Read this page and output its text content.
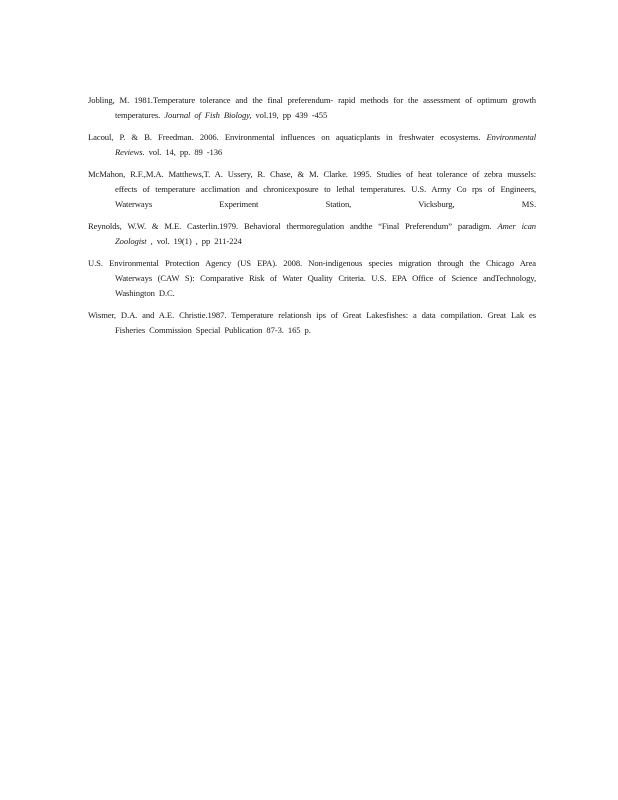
Jobling, M. 1981.Temperature tolerance and the final preferendum- rapid methods for the assessment of optimum growth temperatures. Journal of Fish Biology, vol.19, pp 439 -455

Lacoul, P. & B. Freedman. 2006. Environmental influences on aquaticplants in freshwater ecosystems. Environmental Reviews. vol. 14, pp. 89 -136

McMahon, R.F.,M.A. Matthews,T. A. Ussery, R. Chase, & M. Clarke. 1995. Studies of heat tolerance of zebra mussels: effects of temperature acclimation and chronicexposure to lethal temperatures. U.S. Army Co rps of Engineers, Waterways Experiment Station, Vicksburg, MS.

Reynolds, W.W. & M.E. Casterlin.1979. Behavioral thermoregulation andthe “Final Preferendum” paradigm. Amer ican Zoologist , vol. 19(1) , pp 211-224

U.S. Environmental Protection Agency (US EPA). 2008. Non-indigenous species migration through the Chicago Area Waterways (CAW S): Comparative Risk of Water Quality Criteria. U.S. EPA Office of Science andTechnology, Washington D.C.

Wismer, D.A. and A.E. Christie.1987. Temperature relationsh ips of Great Lakesfishes: a data compilation. Great Lak es Fisheries Commission Special Publication 87-3. 165 p.
